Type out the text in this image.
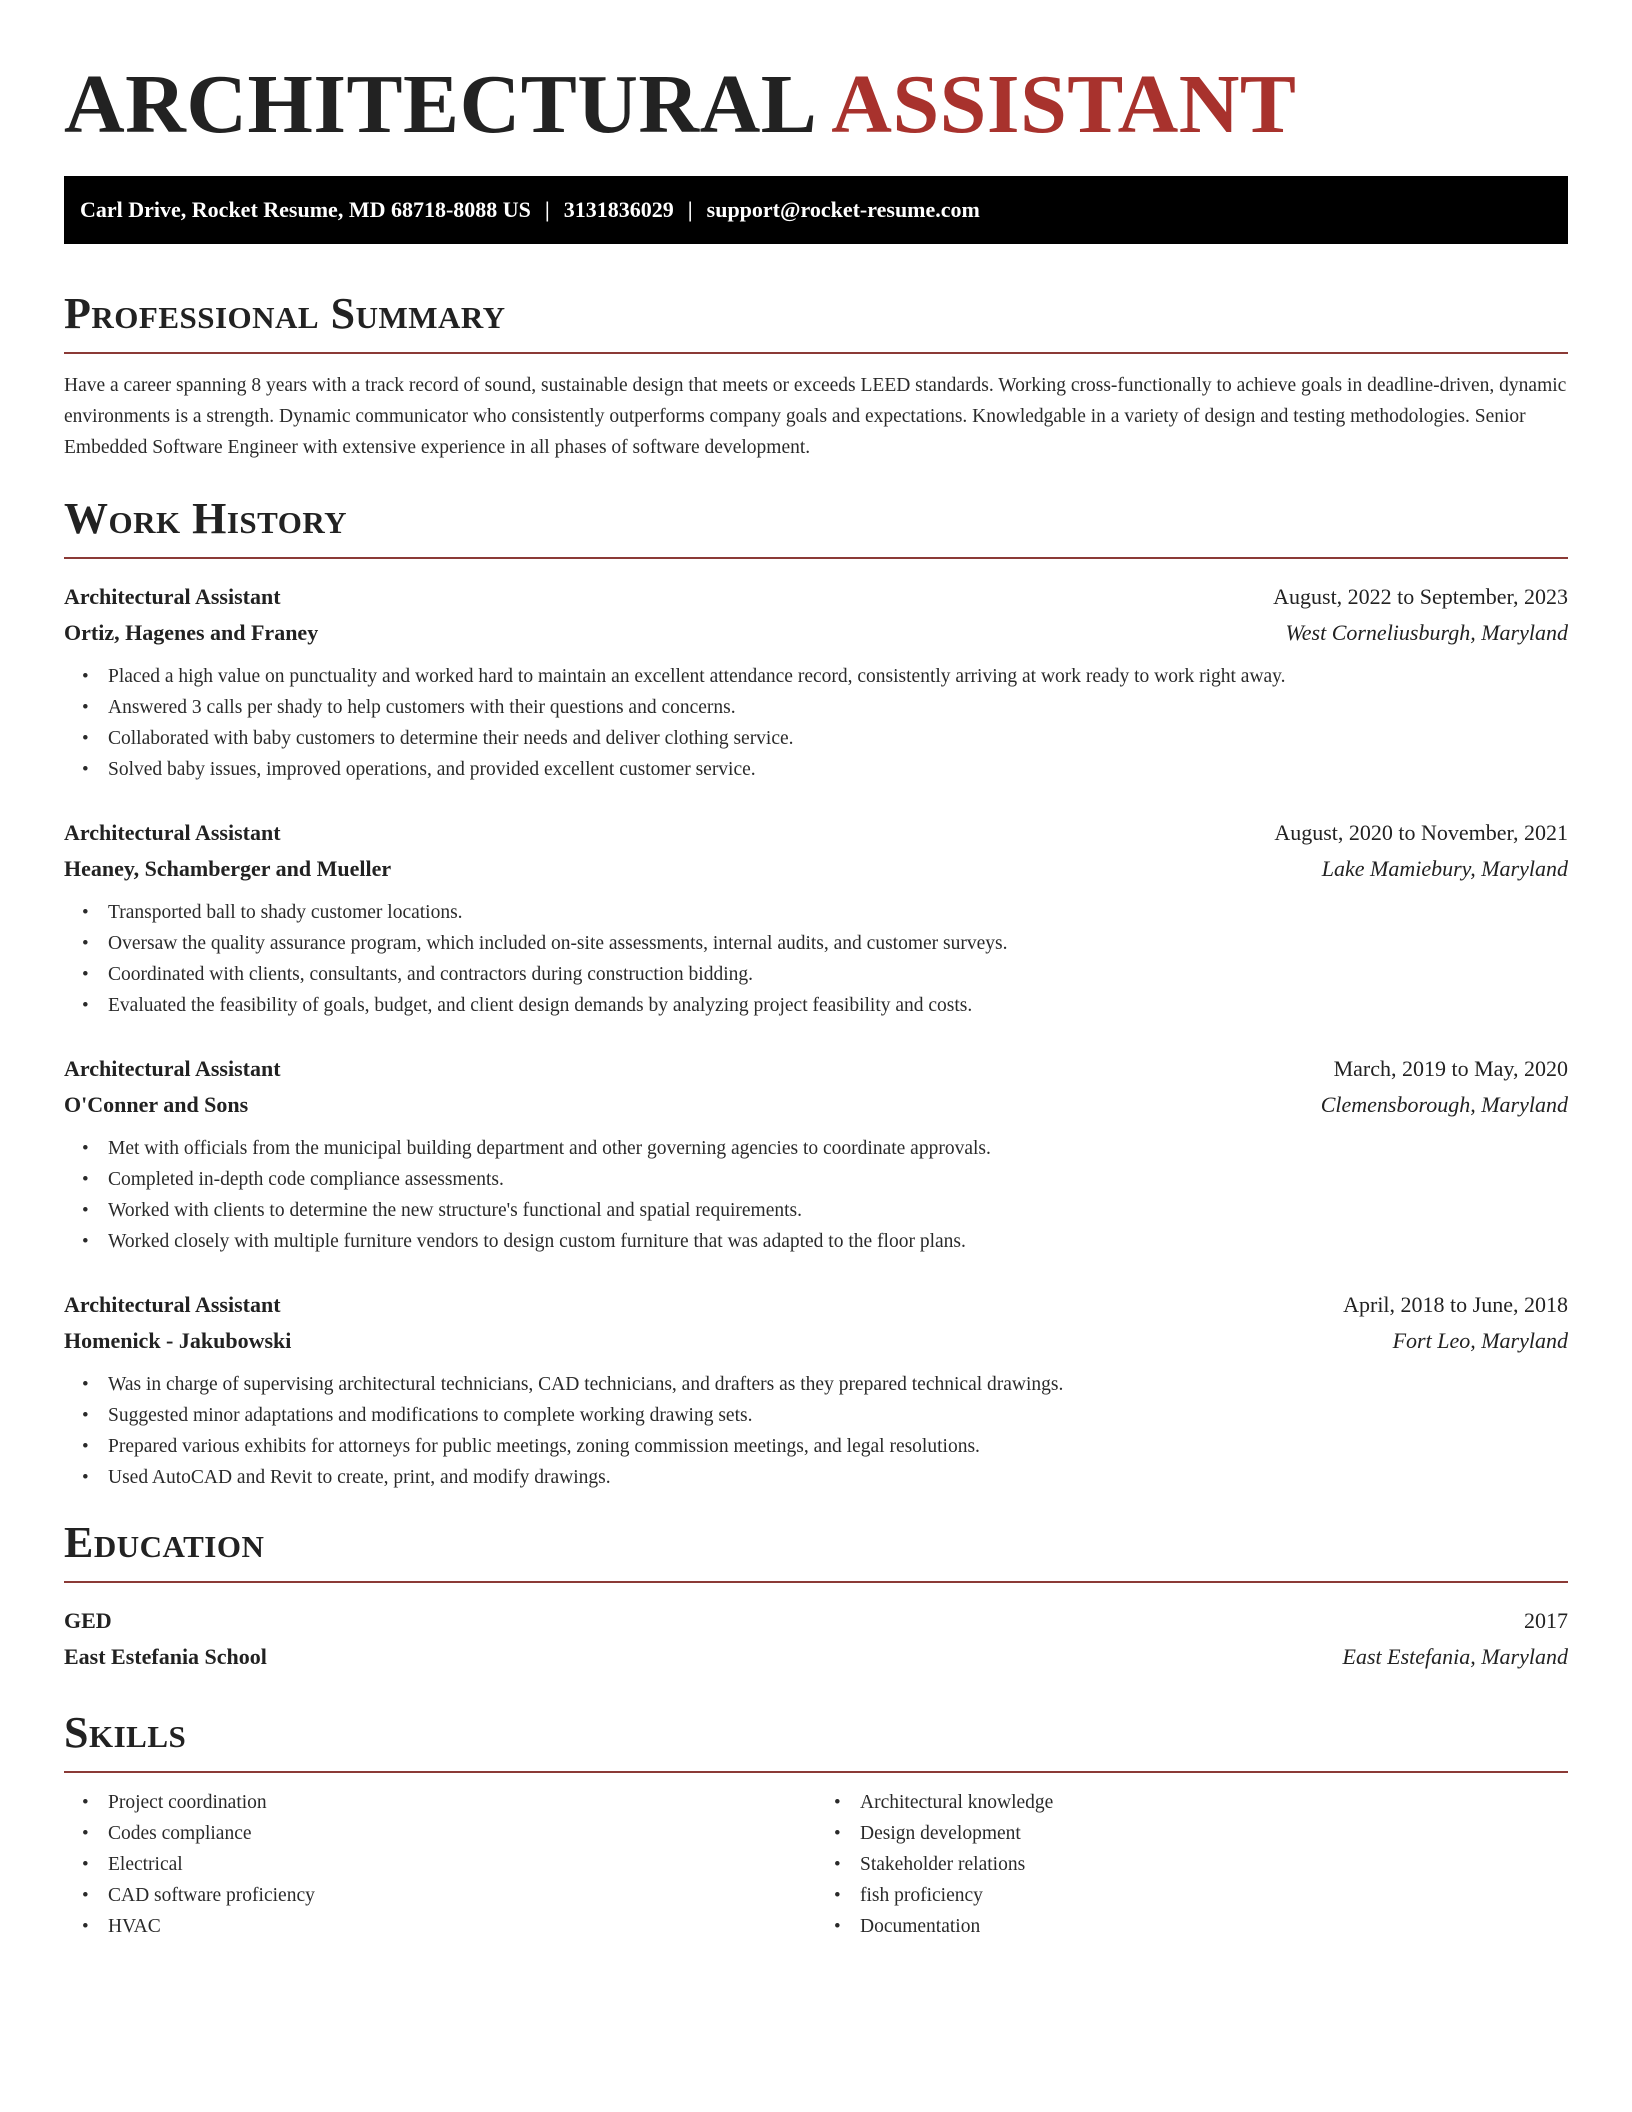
ARCHITECTURAL ASSISTANT
Carl Drive, Rocket Resume, MD 68718-8088 US | 3131836029 | support@rocket-resume.com
Professional Summary
Have a career spanning 8 years with a track record of sound, sustainable design that meets or exceeds LEED standards. Working cross-functionally to achieve goals in deadline-driven, dynamic environments is a strength. Dynamic communicator who consistently outperforms company goals and expectations. Knowledgable in a variety of design and testing methodologies. Senior Embedded Software Engineer with extensive experience in all phases of software development.
Work History
Architectural Assistant	August, 2022 to September, 2023
Ortiz, Hagenes and Franey	West Corneliusburgh, Maryland
• Placed a high value on punctuality and worked hard to maintain an excellent attendance record, consistently arriving at work ready to work right away.
• Answered 3 calls per shady to help customers with their questions and concerns.
• Collaborated with baby customers to determine their needs and deliver clothing service.
• Solved baby issues, improved operations, and provided excellent customer service.
Architectural Assistant	August, 2020 to November, 2021
Heaney, Schamberger and Mueller	Lake Mamiebury, Maryland
• Transported ball to shady customer locations.
• Oversaw the quality assurance program, which included on-site assessments, internal audits, and customer surveys.
• Coordinated with clients, consultants, and contractors during construction bidding.
• Evaluated the feasibility of goals, budget, and client design demands by analyzing project feasibility and costs.
Architectural Assistant	March, 2019 to May, 2020
O'Conner and Sons	Clemensborough, Maryland
• Met with officials from the municipal building department and other governing agencies to coordinate approvals.
• Completed in-depth code compliance assessments.
• Worked with clients to determine the new structure's functional and spatial requirements.
• Worked closely with multiple furniture vendors to design custom furniture that was adapted to the floor plans.
Architectural Assistant	April, 2018 to June, 2018
Homenick - Jakubowski	Fort Leo, Maryland
• Was in charge of supervising architectural technicians, CAD technicians, and drafters as they prepared technical drawings.
• Suggested minor adaptations and modifications to complete working drawing sets.
• Prepared various exhibits for attorneys for public meetings, zoning commission meetings, and legal resolutions.
• Used AutoCAD and Revit to create, print, and modify drawings.
Education
GED	2017
East Estefania School	East Estefania, Maryland
Skills
• Project coordination
• Codes compliance
• Electrical
• CAD software proficiency
• HVAC
• Architectural knowledge
• Design development
• Stakeholder relations
• fish proficiency
• Documentation
